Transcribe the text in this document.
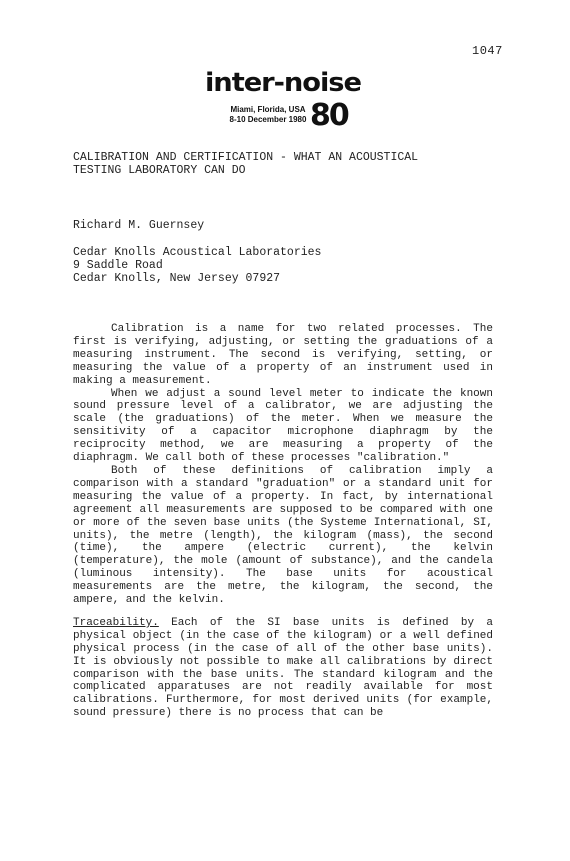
1047
inter-noise
Miami, Florida, USA
8-10 December 1980 80
CALIBRATION AND CERTIFICATION - WHAT AN ACOUSTICAL
TESTING LABORATORY CAN DO
Richard M. Guernsey
Cedar Knolls Acoustical Laboratories
9 Saddle Road
Cedar Knolls, New Jersey 07927

Calibration is a name for two related processes. The first is verifying, adjusting, or setting the graduations of a measuring instrument. The second is verifying, setting, or measuring the value of a property of an instrument used in making a measurement.

When we adjust a sound level meter to indicate the known sound pressure level of a calibrator, we are adjusting the scale (the graduations) of the meter. When we measure the sensitivity of a capacitor microphone diaphragm by the reciprocity method, we are measuring a property of the diaphragm. We call both of these processes "calibration."

Both of these definitions of calibration imply a comparison with a standard "graduation" or a standard unit for measuring the value of a property. In fact, by international agreement all measurements are supposed to be compared with one or more of the seven base units (the Systeme International, SI, units), the metre (length), the kilogram (mass), the second (time), the ampere (electric current), the kelvin (temperature), the mole (amount of substance), and the candela (luminous intensity). The base units for acoustical measurements are the metre, the kilogram, the second, the ampere, and the kelvin.

Traceability. Each of the SI base units is defined by a physical object (in the case of the kilogram) or a well defined physical process (in the case of all of the other base units). It is obviously not possible to make all calibrations by direct comparison with the base units. The standard kilogram and the complicated apparatuses are not readily available for most calibrations. Furthermore, for most derived units (for example, sound pressure) there is no process that can be
